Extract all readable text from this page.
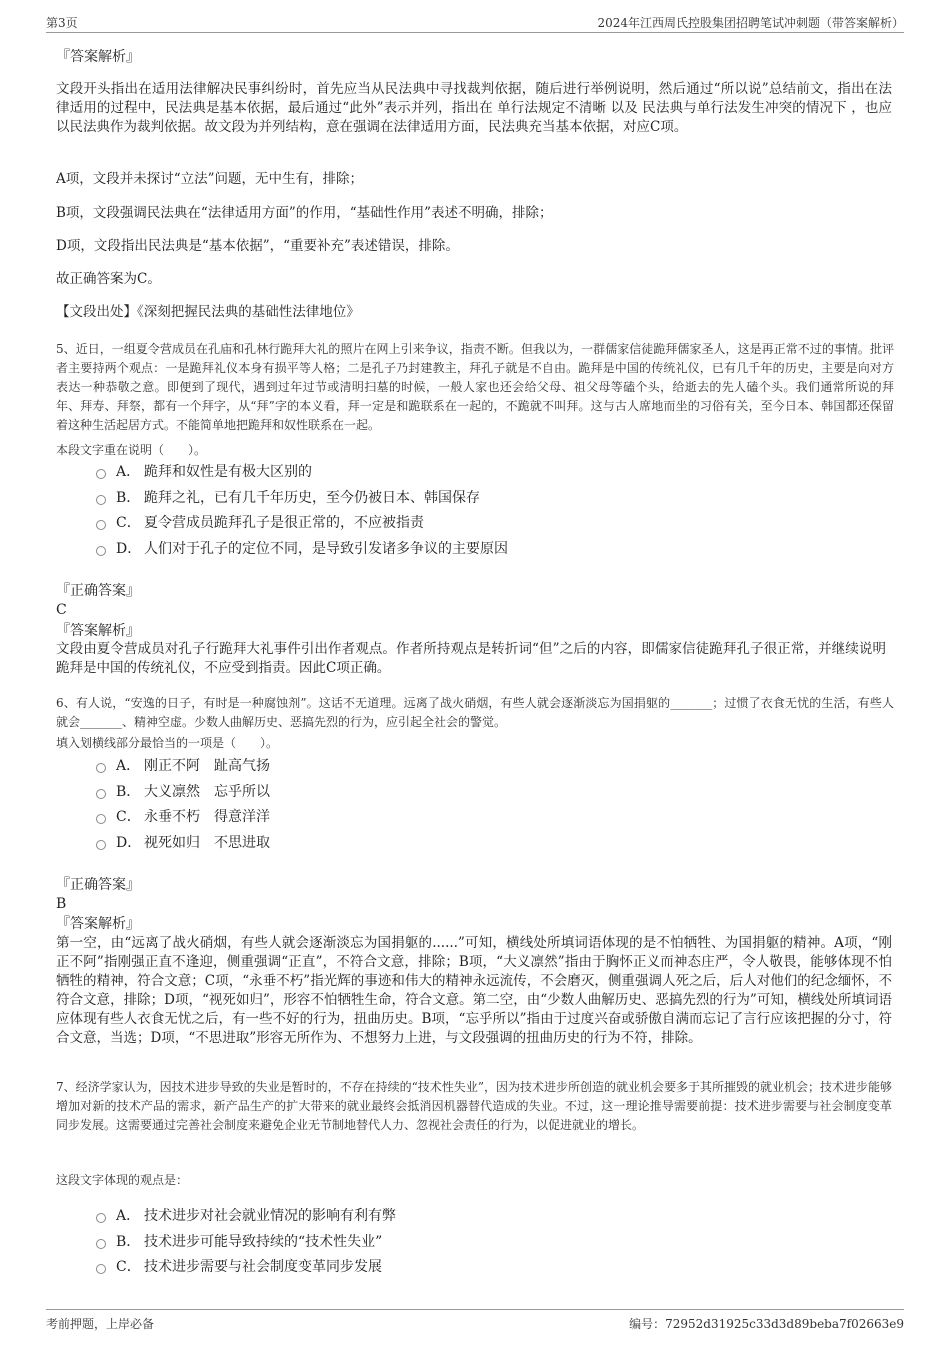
第3页	2024年江西周氏控股集团招聘笔试冲刺题（带答案解析）
『答案解析』
文段开头指出在适用法律解决民事纠纷时，首先应当从民法典中寻找裁判依据，随后进行举例说明，然后通过“所以说”总结前文，指出在法律适用的过程中，民法典是基本依据，最后通过“此外”表示并列，指出在 单行法规定不清晰 以及 民法典与单行法发生冲突的情况下 ，也应以民法典作为裁判依据。故文段为并列结构，意在强调在法律适用方面，民法典充当基本依据，对应C项。
A项，文段并未探讨“立法”问题，无中生有，排除；
B项，文段强调民法典在“法律适用方面”的作用，“基础性作用”表述不明确，排除；
D项，文段指出民法典是“基本依据”，“重要补充”表述错误，排除。
故正确答案为C。
【文段出处】《深刻把握民法典的基础性法律地位》
5、近日，一组夏令营成员在孔庙和孔林行跪拜大礼的照片在网上引来争议，指责不断。但我以为，一群儒家信徒跪拜儒家圣人，这是再正常不过的事情。批评者主要持两个观点：一是跪拜礼仪本身有损平等人格；二是孔子乃封建教主，拜孔子就是不自由。跪拜是中国的传统礼仪，已有几千年的历史，主要是向对方表达一种恭敬之意。即便到了现代，遇到过年过节或清明扫墓的时候，一般人家也还会给父母、祖父母等磕个头，给逝去的先人磕个头。我们通常所说的拜年、拜寿、拜祭，都有一个拜字，从“拜”字的本义看，拜一定是和跪联系在一起的，不跪就不叫拜。这与古人席地而坐的习俗有关，至今日本、韩国都还保留着这种生活起居方式。不能简单地把跪拜和奴性联系在一起。
本段文字重在说明（　　）。
A． 跪拜和奴性是有极大区别的
B． 跪拜之礼，已有几千年历史，至今仍被日本、韩国保存
C． 夏令营成员跪拜孔子是很正常的，不应被指责
D． 人们对于孔子的定位不同，是导致引发诸多争议的主要原因
『正确答案』
C
『答案解析』
文段由夏令营成员对孔子行跪拜大礼事件引出作者观点。作者所持观点是转折词“但”之后的内容，即儒家信徒跪拜孔子很正常，并继续说明跪拜是中国的传统礼仪，不应受到指责。因此C项正确。
6、有人说，“安逸的日子，有时是一种腐蚀剂”。这话不无道理。远离了战火硝烟，有些人就会逐渐淡忘为国捐躯的_______；过惯了衣食无忧的生活，有些人就会_______、精神空虚。少数人曲解历史、恶搞先烈的行为，应引起全社会的警觉。
填入划横线部分最恰当的一项是（　　）。
A． 刚正不阿　趾高气扬
B． 大义凛然　忘乎所以
C． 永垂不朽　得意洋洋
D． 视死如归　不思进取
『正确答案』
B
『答案解析』
第一空，由“远离了战火硝烟，有些人就会逐渐淡忘为国捐躯的......”可知，横线处所填词语体现的是不怕牺牲、为国捐躯的精神。A项，“刚正不阿”指刚强正直不逢迎，侧重强调“正直”，不符合文意，排除；B项，“大义凛然”指由于胸怀正义而神态庄严，令人敬畏，能够体现不怕牺牲的精神，符合文意；C项，“永垂不朽”指光辉的事迹和伟大的精神永远流传，不会磨灭，侧重强调人死之后，后人对他们的纪念缅怀，不符合文意，排除；D项，“视死如归”，形容不怕牺牲生命，符合文意。第二空，由“少数人曲解历史、恶搞先烈的行为”可知，横线处所填词语应体现有些人衣食无忧之后，有一些不好的行为，扭曲历史。B项，“忘乎所以”指由于过度兴奋或骄傲自满而忘记了言行应该把握的分寸，符合文意，当选；D项，“不思进取”形容无所作为、不想努力上进，与文段强调的扭曲历史的行为不符，排除。
7、经济学家认为，因技术进步导致的失业是暂时的，不存在持续的“技术性失业”，因为技术进步所创造的就业机会要多于其所摧毁的就业机会；技术进步能够增加对新的技术产品的需求，新产品生产的扩大带来的就业最终会抵消因机器替代造成的失业。不过，这一理论推导需要前提：技术进步需要与社会制度变革同步发展。这需要通过完善社会制度来避免企业无节制地替代人力、忽视社会责任的行为，以促进就业的增长。
这段文字体现的观点是：
A． 技术进步对社会就业情况的影响有利有弊
B． 技术进步可能导致持续的“技术性失业”
C． 技术进步需要与社会制度变革同步发展
考前押题，上岸必备	编号：72952d31925c33d3d89beba7f02663e9
